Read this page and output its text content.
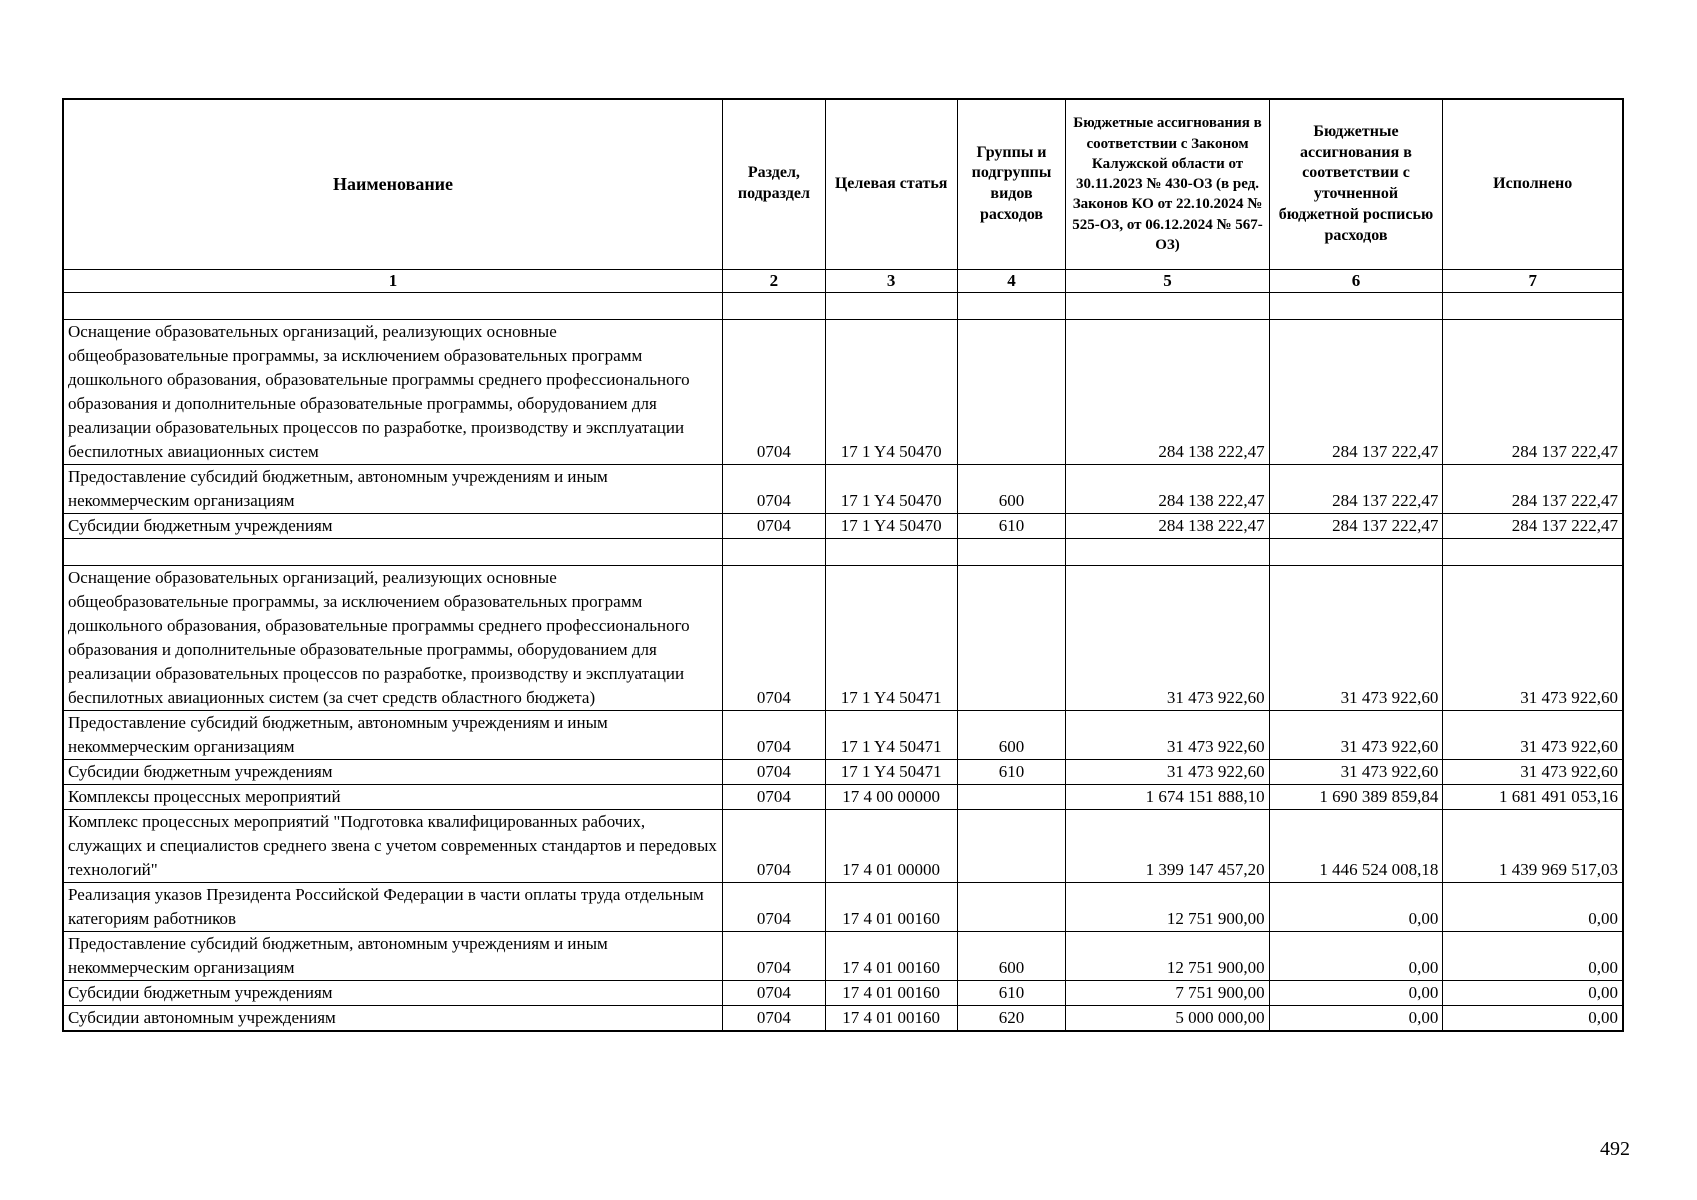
Наименование	Раздел, подраздел	Целевая статья	Группы и подгруппы видов расходов	Бюджетные ассигнования в соответствии с Законом Калужской области от 30.11.2023 № 430-ОЗ (в ред. Законов КО от 22.10.2024 № 525-ОЗ, от 06.12.2024 № 567-ОЗ)	Бюджетные ассигнования в соответствии с уточненной бюджетной росписью расходов	Исполнено
1	2	3	4	5	6	7

Оснащение образовательных организаций, реализующих основные общеобразовательные программы, за исключением образовательных программ дошкольного образования, образовательные программы среднего профессионального образования и дополнительные образовательные программы, оборудованием для реализации образовательных процессов по разработке, производству и эксплуатации беспилотных авиационных систем	0704	17 1 Y4 50470		284 138 222,47	284 137 222,47	284 137 222,47
Предоставление субсидий бюджетным, автономным учреждениям и иным некоммерческим организациям	0704	17 1 Y4 50470	600	284 138 222,47	284 137 222,47	284 137 222,47
Субсидии бюджетным учреждениям	0704	17 1 Y4 50470	610	284 138 222,47	284 137 222,47	284 137 222,47

Оснащение образовательных организаций, реализующих основные общеобразовательные программы, за исключением образовательных программ дошкольного образования, образовательные программы среднего профессионального образования и дополнительные образовательные программы, оборудованием для реализации образовательных процессов по разработке, производству и эксплуатации беспилотных авиационных систем (за счет средств областного бюджета)	0704	17 1 Y4 50471		31 473 922,60	31 473 922,60	31 473 922,60
Предоставление субсидий бюджетным, автономным учреждениям и иным некоммерческим организациям	0704	17 1 Y4 50471	600	31 473 922,60	31 473 922,60	31 473 922,60
Субсидии бюджетным учреждениям	0704	17 1 Y4 50471	610	31 473 922,60	31 473 922,60	31 473 922,60
Комплексы процессных мероприятий	0704	17 4 00 00000		1 674 151 888,10	1 690 389 859,84	1 681 491 053,16
Комплекс процессных мероприятий "Подготовка квалифицированных рабочих, служащих и специалистов среднего звена с учетом современных стандартов и передовых технологий"	0704	17 4 01 00000		1 399 147 457,20	1 446 524 008,18	1 439 969 517,03
Реализация указов Президента Российской Федерации в части оплаты труда отдельным категориям работников	0704	17 4 01 00160		12 751 900,00	0,00	0,00
Предоставление субсидий бюджетным, автономным учреждениям и иным некоммерческим организациям	0704	17 4 01 00160	600	12 751 900,00	0,00	0,00
Субсидии бюджетным учреждениям	0704	17 4 01 00160	610	7 751 900,00	0,00	0,00
Субсидии автономным учреждениям	0704	17 4 01 00160	620	5 000 000,00	0,00	0,00
492
